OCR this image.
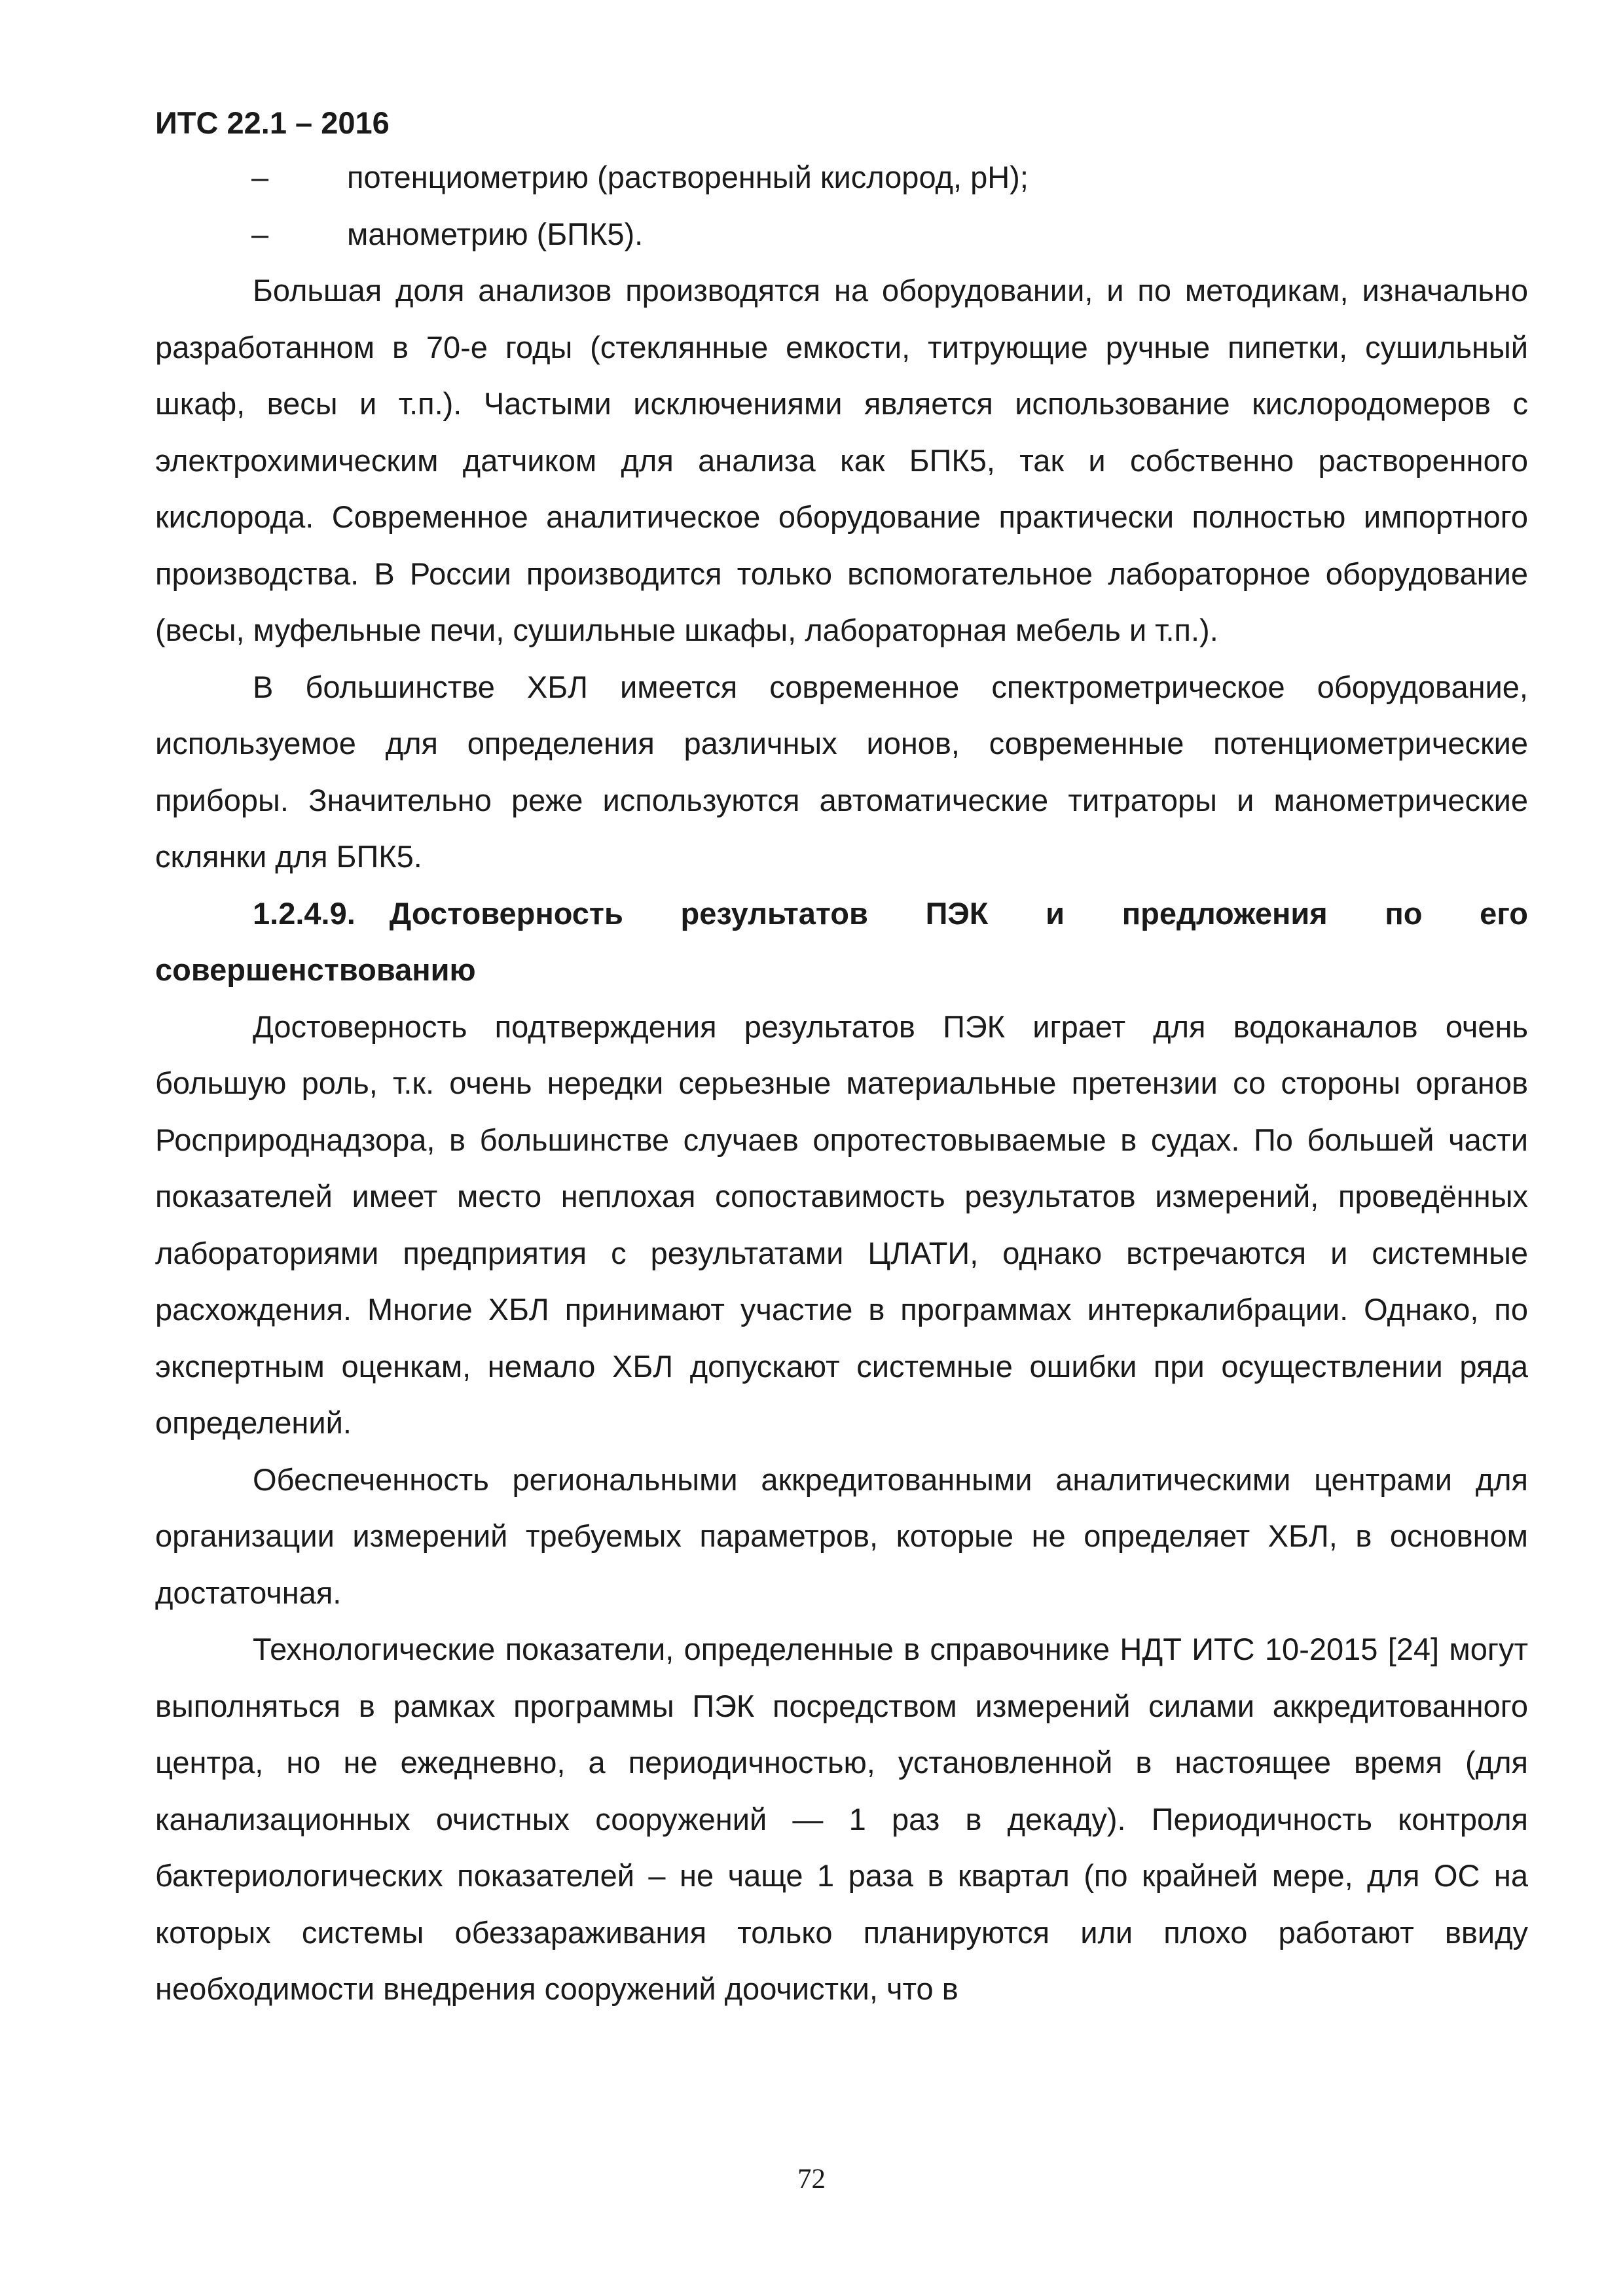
ИТС 22.1 – 2016

–	потенциометрию (растворенный кислород, pH);

–	манометрию (БПК5).

Большая доля анализов производятся на оборудовании, и по методикам, изначально разработанном в 70-е годы (стеклянные емкости, титрующие ручные пипетки, сушильный шкаф, весы и т.п.). Частыми исключениями является использование кислородомеров с электрохимическим датчиком для анализа как БПК5, так и собственно растворенного кислорода. Современное аналитическое оборудование практически полностью импортного производства. В России производится только вспомогательное лабораторное оборудование (весы, муфельные печи, сушильные шкафы, лабораторная мебель и т.п.).

В большинстве ХБЛ имеется современное спектрометрическое оборудование, используемое для определения различных ионов, современные потенциометрические приборы. Значительно реже используются автоматические титраторы и манометрические склянки для БПК5.

1.2.4.9. Достоверность результатов ПЭК и предложения по его совершенствованию

Достоверность подтверждения результатов ПЭК играет для водоканалов очень большую роль, т.к. очень нередки серьезные материальные претензии со стороны органов Росприроднадзора, в большинстве случаев опротестовываемые в судах. По большей части показателей имеет место неплохая сопоставимость результатов измерений, проведённых лабораториями предприятия с результатами ЦЛАТИ, однако встречаются и системные расхождения. Многие ХБЛ принимают участие в программах интеркалибрации. Однако, по экспертным оценкам, немало ХБЛ допускают системные ошибки при осуществлении ряда определений.

Обеспеченность региональными аккредитованными аналитическими центрами для организации измерений требуемых параметров, которые не определяет ХБЛ, в основном достаточная.

Технологические показатели, определенные в справочнике НДТ ИТС 10-2015 [24] могут выполняться в рамках программы ПЭК посредством измерений силами аккредитованного центра, но не ежедневно, а периодичностью, установленной в настоящее время (для канализационных очистных сооружений — 1 раз в декаду). Периодичность контроля бактериологических показателей – не чаще 1 раза в квартал (по крайней мере, для ОС на которых системы обеззараживания только планируются или плохо работают ввиду необходимости внедрения сооружений доочистки, что в

72
